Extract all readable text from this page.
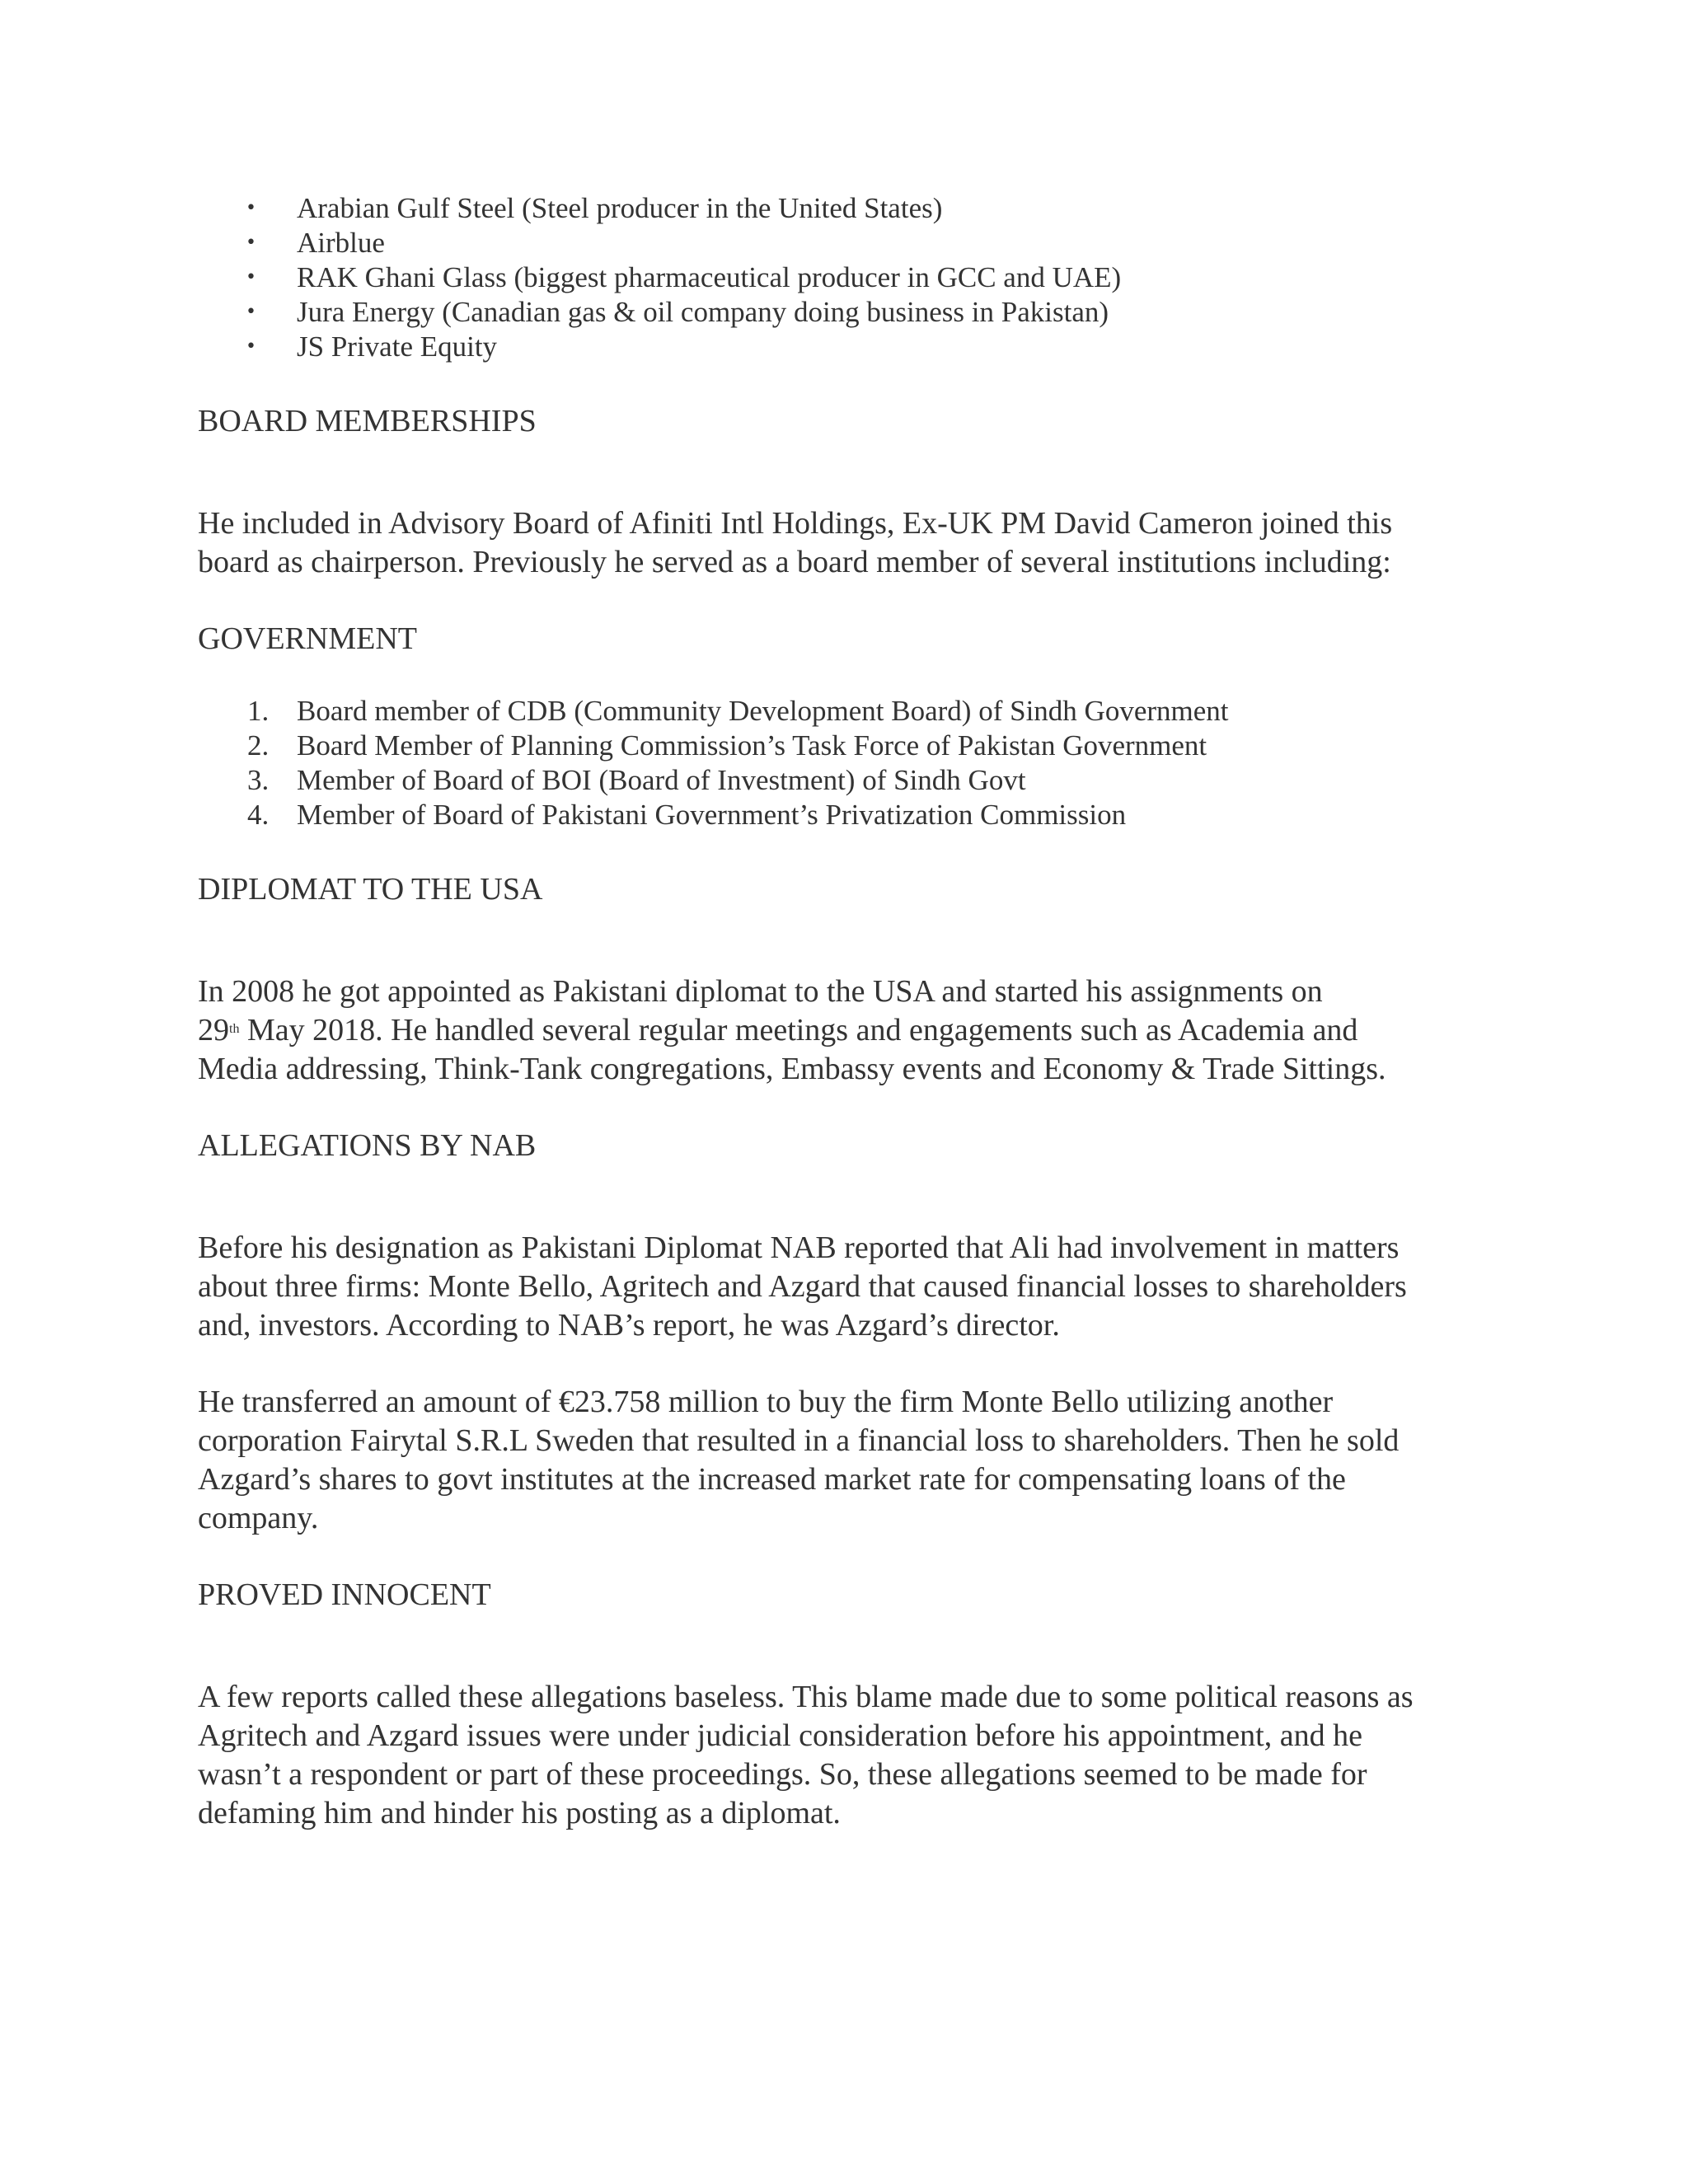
• Arabian Gulf Steel (Steel producer in the United States)
• Airblue
• RAK Ghani Glass (biggest pharmaceutical producer in GCC and UAE)
• Jura Energy (Canadian gas & oil company doing business in Pakistan)
• JS Private Equity
BOARD MEMBERSHIPS

He included in Advisory Board of Afiniti Intl Holdings, Ex-UK PM David Cameron joined this
board as chairperson. Previously he served as a board member of several institutions including:

GOVERNMENT
1. Board member of CDB (Community Development Board) of Sindh Government
2. Board Member of Planning Commission’s Task Force of Pakistan Government
3. Member of Board of BOI (Board of Investment) of Sindh Govt
4. Member of Board of Pakistani Government’s Privatization Commission
DIPLOMAT TO THE USA

In 2008 he got appointed as Pakistani diplomat to the USA and started his assignments on
29th May 2018. He handled several regular meetings and engagements such as Academia and
Media addressing, Think-Tank congregations, Embassy events and Economy & Trade Sittings.

ALLEGATIONS BY NAB

Before his designation as Pakistani Diplomat NAB reported that Ali had involvement in matters
about three firms: Monte Bello, Agritech and Azgard that caused financial losses to shareholders
and, investors. According to NAB’s report, he was Azgard’s director.

He transferred an amount of €23.758 million to buy the firm Monte Bello utilizing another
corporation Fairytal S.R.L Sweden that resulted in a financial loss to shareholders. Then he sold
Azgard’s shares to govt institutes at the increased market rate for compensating loans of the
company.

PROVED INNOCENT

A few reports called these allegations baseless. This blame made due to some political reasons as
Agritech and Azgard issues were under judicial consideration before his appointment, and he
wasn’t a respondent or part of these proceedings. So, these allegations seemed to be made for
defaming him and hinder his posting as a diplomat.
